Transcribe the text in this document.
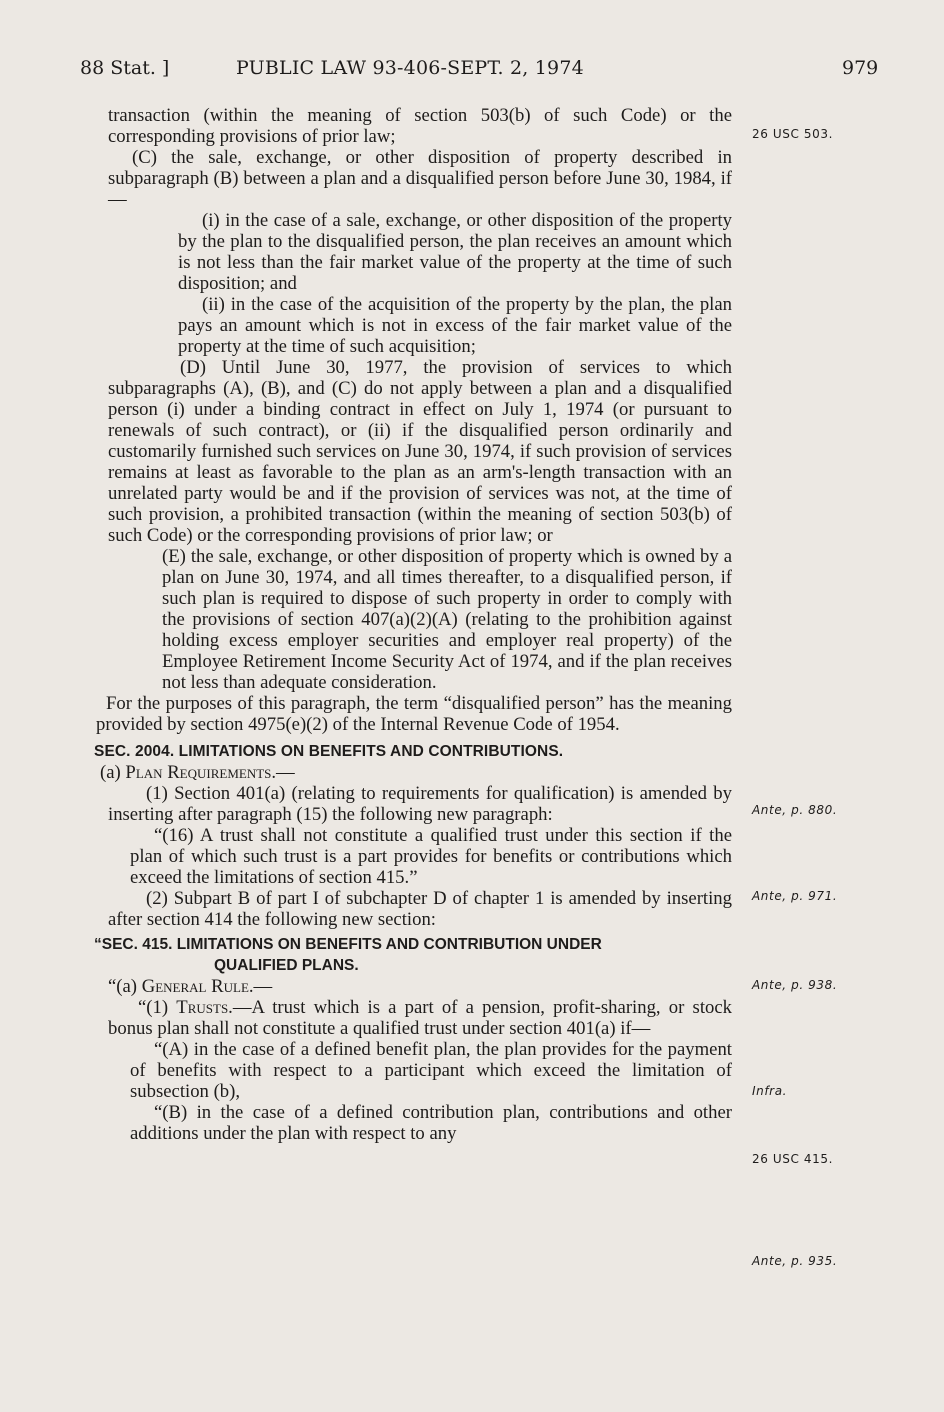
88 Stat. ]	PUBLIC LAW 93-406-SEPT. 2, 1974	979

transaction (within the meaning of section 503(b) of such Code) or the corresponding provisions of prior law;

(C) the sale, exchange, or other disposition of property described in subparagraph (B) between a plan and a disqualified person before June 30, 1984, if—

(i) in the case of a sale, exchange, or other disposition of the property by the plan to the disqualified person, the plan receives an amount which is not less than the fair market value of the property at the time of such disposition; and

(ii) in the case of the acquisition of the property by the plan, the plan pays an amount which is not in excess of the fair market value of the property at the time of such acquisition;

(D) Until June 30, 1977, the provision of services to which subparagraphs (A), (B), and (C) do not apply between a plan and a disqualified person (i) under a binding contract in effect on July 1, 1974 (or pursuant to renewals of such contract), or (ii) if the disqualified person ordinarily and customarily furnished such services on June 30, 1974, if such provision of services remains at least as favorable to the plan as an arm's-length transaction with an unrelated party would be and if the provision of services was not, at the time of such provision, a prohibited transaction (within the meaning of section 503(b) of such Code) or the corresponding provisions of prior law; or

(E) the sale, exchange, or other disposition of property which is owned by a plan on June 30, 1974, and all times thereafter, to a disqualified person, if such plan is required to dispose of such property in order to comply with the provisions of section 407(a)(2)(A) (relating to the prohibition against holding excess employer securities and employer real property) of the Employee Retirement Income Security Act of 1974, and if the plan receives not less than adequate consideration.

For the purposes of this paragraph, the term “disqualified person” has the meaning provided by section 4975(e)(2) of the Internal Revenue Code of 1954.

SEC. 2004. LIMITATIONS ON BENEFITS AND CONTRIBUTIONS.

(a) Plan Requirements.—

(1) Section 401(a) (relating to requirements for qualification) is amended by inserting after paragraph (15) the following new paragraph:

“(16) A trust shall not constitute a qualified trust under this section if the plan of which such trust is a part provides for benefits or contributions which exceed the limitations of section 415.”

(2) Subpart B of part I of subchapter D of chapter 1 is amended by inserting after section 414 the following new section:

“SEC. 415. LIMITATIONS ON BENEFITS AND CONTRIBUTION UNDER
QUALIFIED PLANS.

“(a) General Rule.—

“(1) Trusts.—A trust which is a part of a pension, profit-sharing, or stock bonus plan shall not constitute a qualified trust under section 401(a) if—

“(A) in the case of a defined benefit plan, the plan provides for the payment of benefits with respect to a participant which exceed the limitation of subsection (b),

“(B) in the case of a defined contribution plan, contributions and other additions under the plan with respect to any

26 USC 503.
Ante, p. 880.
Ante, p. 971.
Ante, p. 938.
Infra.
26 USC 415.
Ante, p. 935.
